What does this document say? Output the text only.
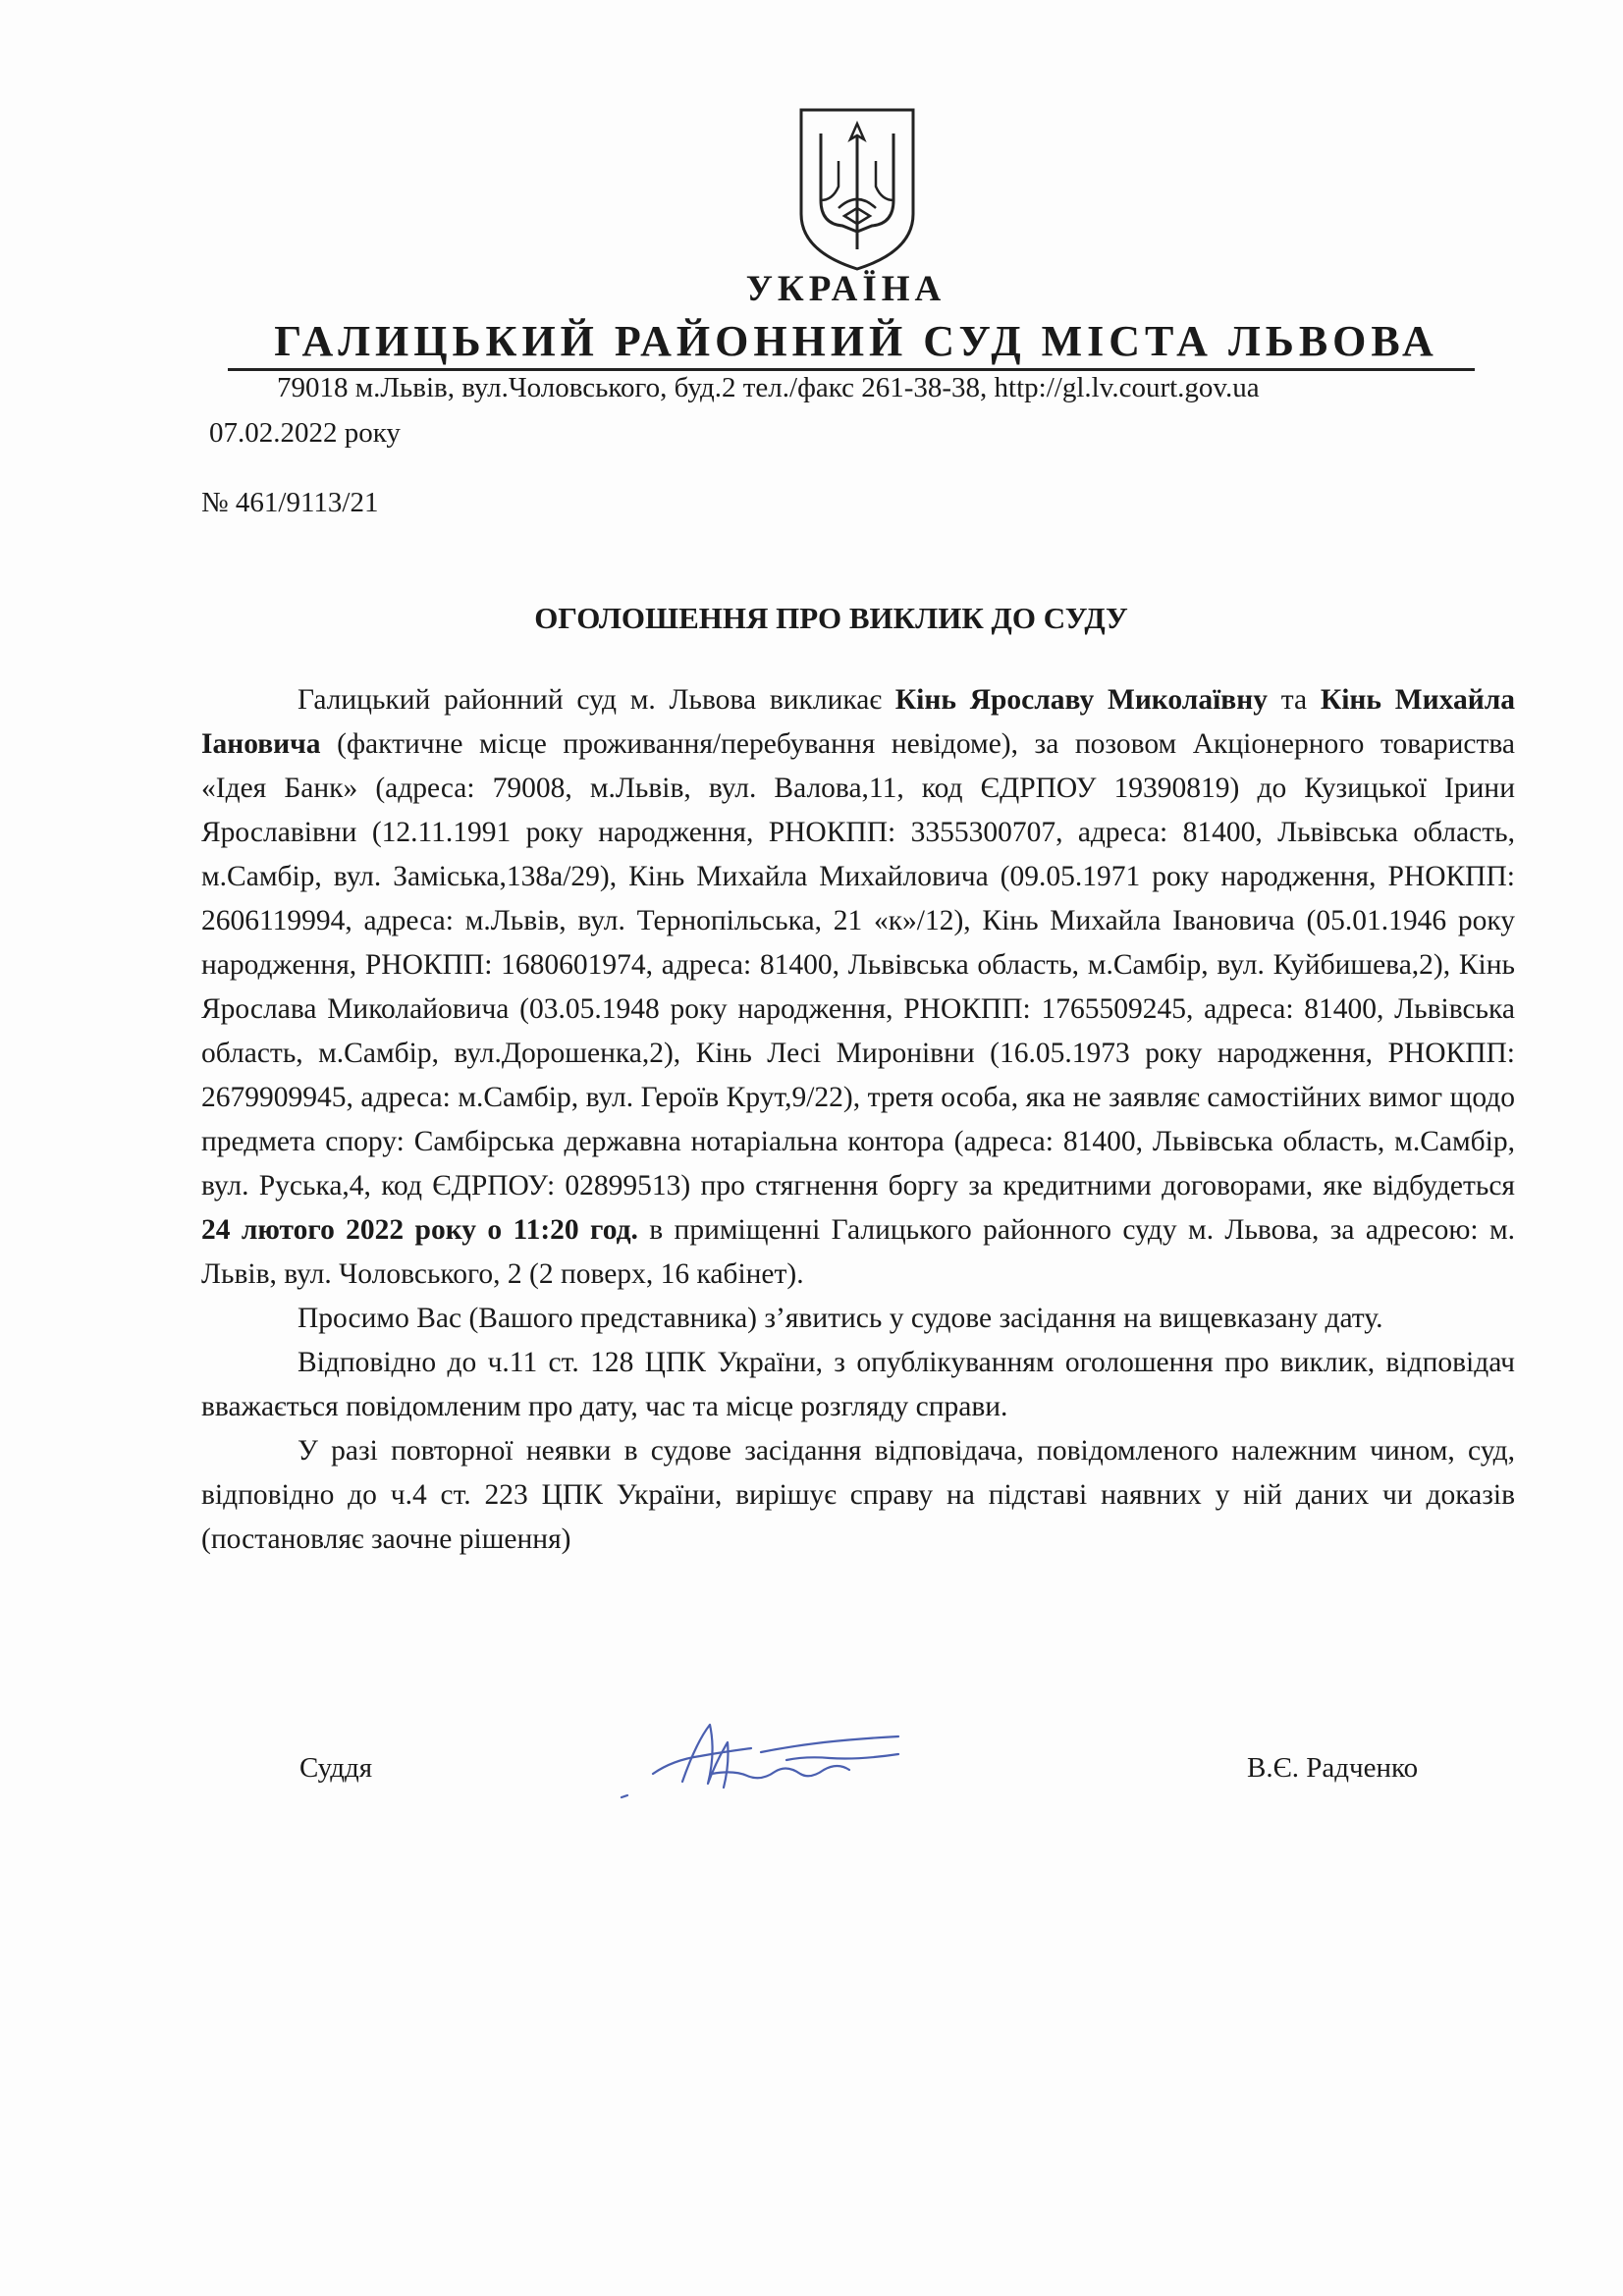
УКРАЇНА
ГАЛИЦЬКИЙ РАЙОННИЙ СУД МІСТА ЛЬВОВА
79018 м.Львів, вул.Чоловського, буд.2 тел./факс 261-38-38, http://gl.lv.court.gov.ua
07.02.2022 року
№ 461/9113/21
ОГОЛОШЕННЯ ПРО ВИКЛИК ДО СУДУ

Галицький районний суд м. Львова викликає Кінь Ярославу Миколаївну та Кінь Михайла Іановича (фактичне місце проживання/перебування невідоме), за позовом Акціонерного товариства «Ідея Банк» (адреса: 79008, м.Львів, вул. Валова,11, код ЄДРПОУ 19390819) до Кузицької Ірини Ярославівни (12.11.1991 року народження, РНОКПП: 3355300707, адреса: 81400, Львівська область, м.Самбір, вул. Заміська,138а/29), Кінь Михайла Михайловича (09.05.1971 року народження, РНОКПП: 2606119994, адреса: м.Львів, вул. Тернопільська, 21 «к»/12), Кінь Михайла Івановича (05.01.1946 року народження, РНОКПП: 1680601974, адреса: 81400, Львівська область, м.Самбір, вул. Куйбишева,2), Кінь Ярослава Миколайовича (03.05.1948 року народження, РНОКПП: 1765509245, адреса: 81400, Львівська область, м.Самбір, вул.Дорошенка,2), Кінь Лесі Миронівни (16.05.1973 року народження, РНОКПП: 2679909945, адреса: м.Самбір, вул. Героїв Крут,9/22), третя особа, яка не заявляє самостійних вимог щодо предмета спору: Самбірська державна нотаріальна контора (адреса: 81400, Львівська область, м.Самбір, вул. Руська,4, код ЄДРПОУ: 02899513) про стягнення боргу за кредитними договорами, яке відбудеться 24 лютого 2022 року о 11:20 год. в приміщенні Галицького районного суду м. Львова, за адресою: м. Львів, вул. Чоловського, 2 (2 поверх, 16 кабінет).

Просимо Вас (Вашого представника) з’явитись у судове засідання на вищевказану дату.

Відповідно до ч.11 ст. 128 ЦПК України, з опублікуванням оголошення про виклик, відповідач вважається повідомленим про дату, час та місце розгляду справи.

У разі повторної неявки в судове засідання відповідача, повідомленого належним чином, суд, відповідно до ч.4 ст. 223 ЦПК України, вирішує справу на підставі наявних у ній даних чи доказів (постановляє заочне рішення)

Суддя	В.Є. Радченко
